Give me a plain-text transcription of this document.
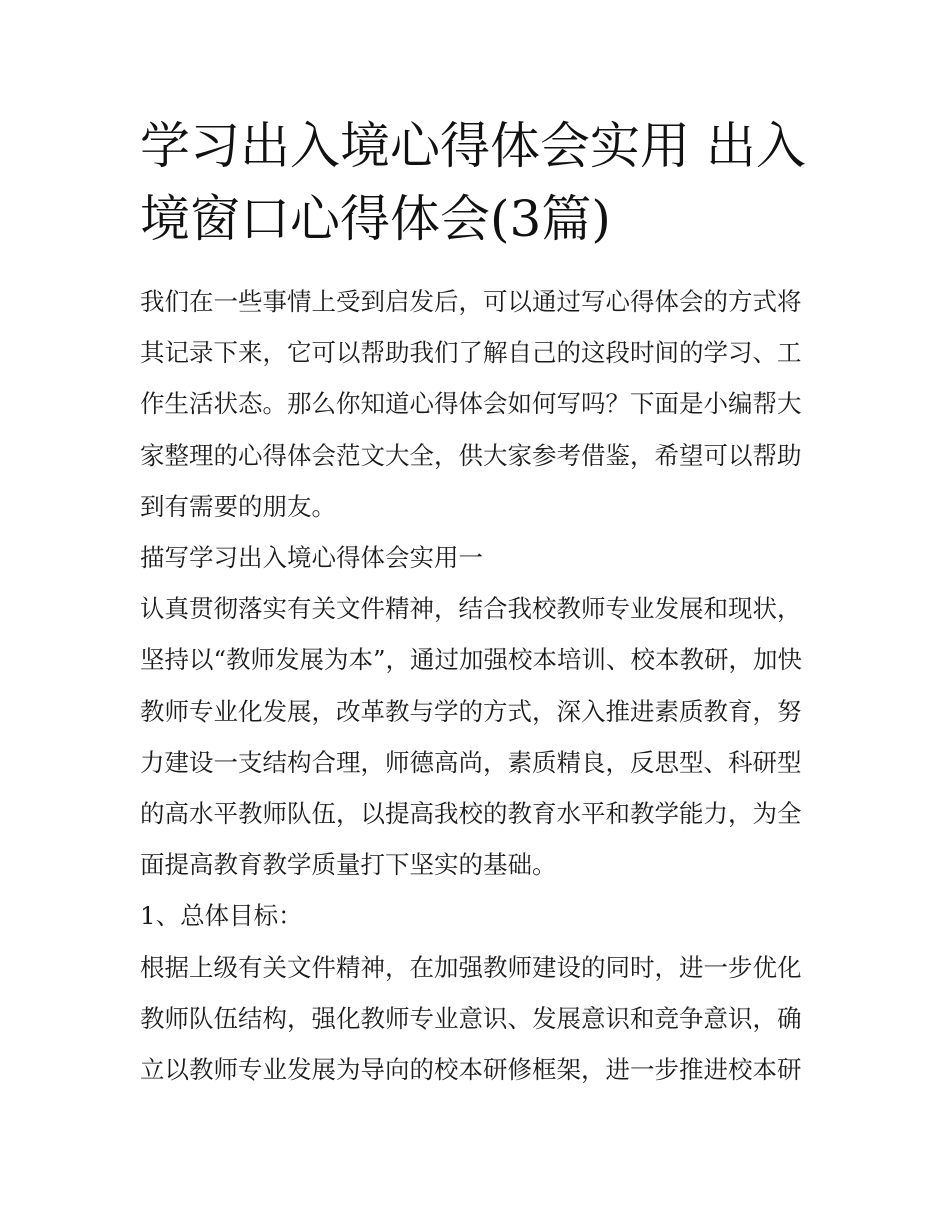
学习出入境心得体会实用 出入境窗口心得体会(3篇)

我们在一些事情上受到启发后，可以通过写心得体会的方式将其记录下来，它可以帮助我们了解自己的这段时间的学习、工作生活状态。那么你知道心得体会如何写吗？下面是小编帮大家整理的心得体会范文大全，供大家参考借鉴，希望可以帮助到有需要的朋友。

描写学习出入境心得体会实用一

认真贯彻落实有关文件精神，结合我校教师专业发展和现状，坚持以“教师发展为本”，通过加强校本培训、校本教研，加快教师专业化发展，改革教与学的方式，深入推进素质教育，努力建设一支结构合理，师德高尚，素质精良，反思型、科研型的高水平教师队伍，以提高我校的教育水平和教学能力，为全面提高教育教学质量打下坚实的基础。

1、总体目标：

根据上级有关文件精神，在加强教师建设的同时，进一步优化教师队伍结构，强化教师专业意识、发展意识和竞争意识，确立以教师专业发展为导向的校本研修框架，进一步推进校本研
